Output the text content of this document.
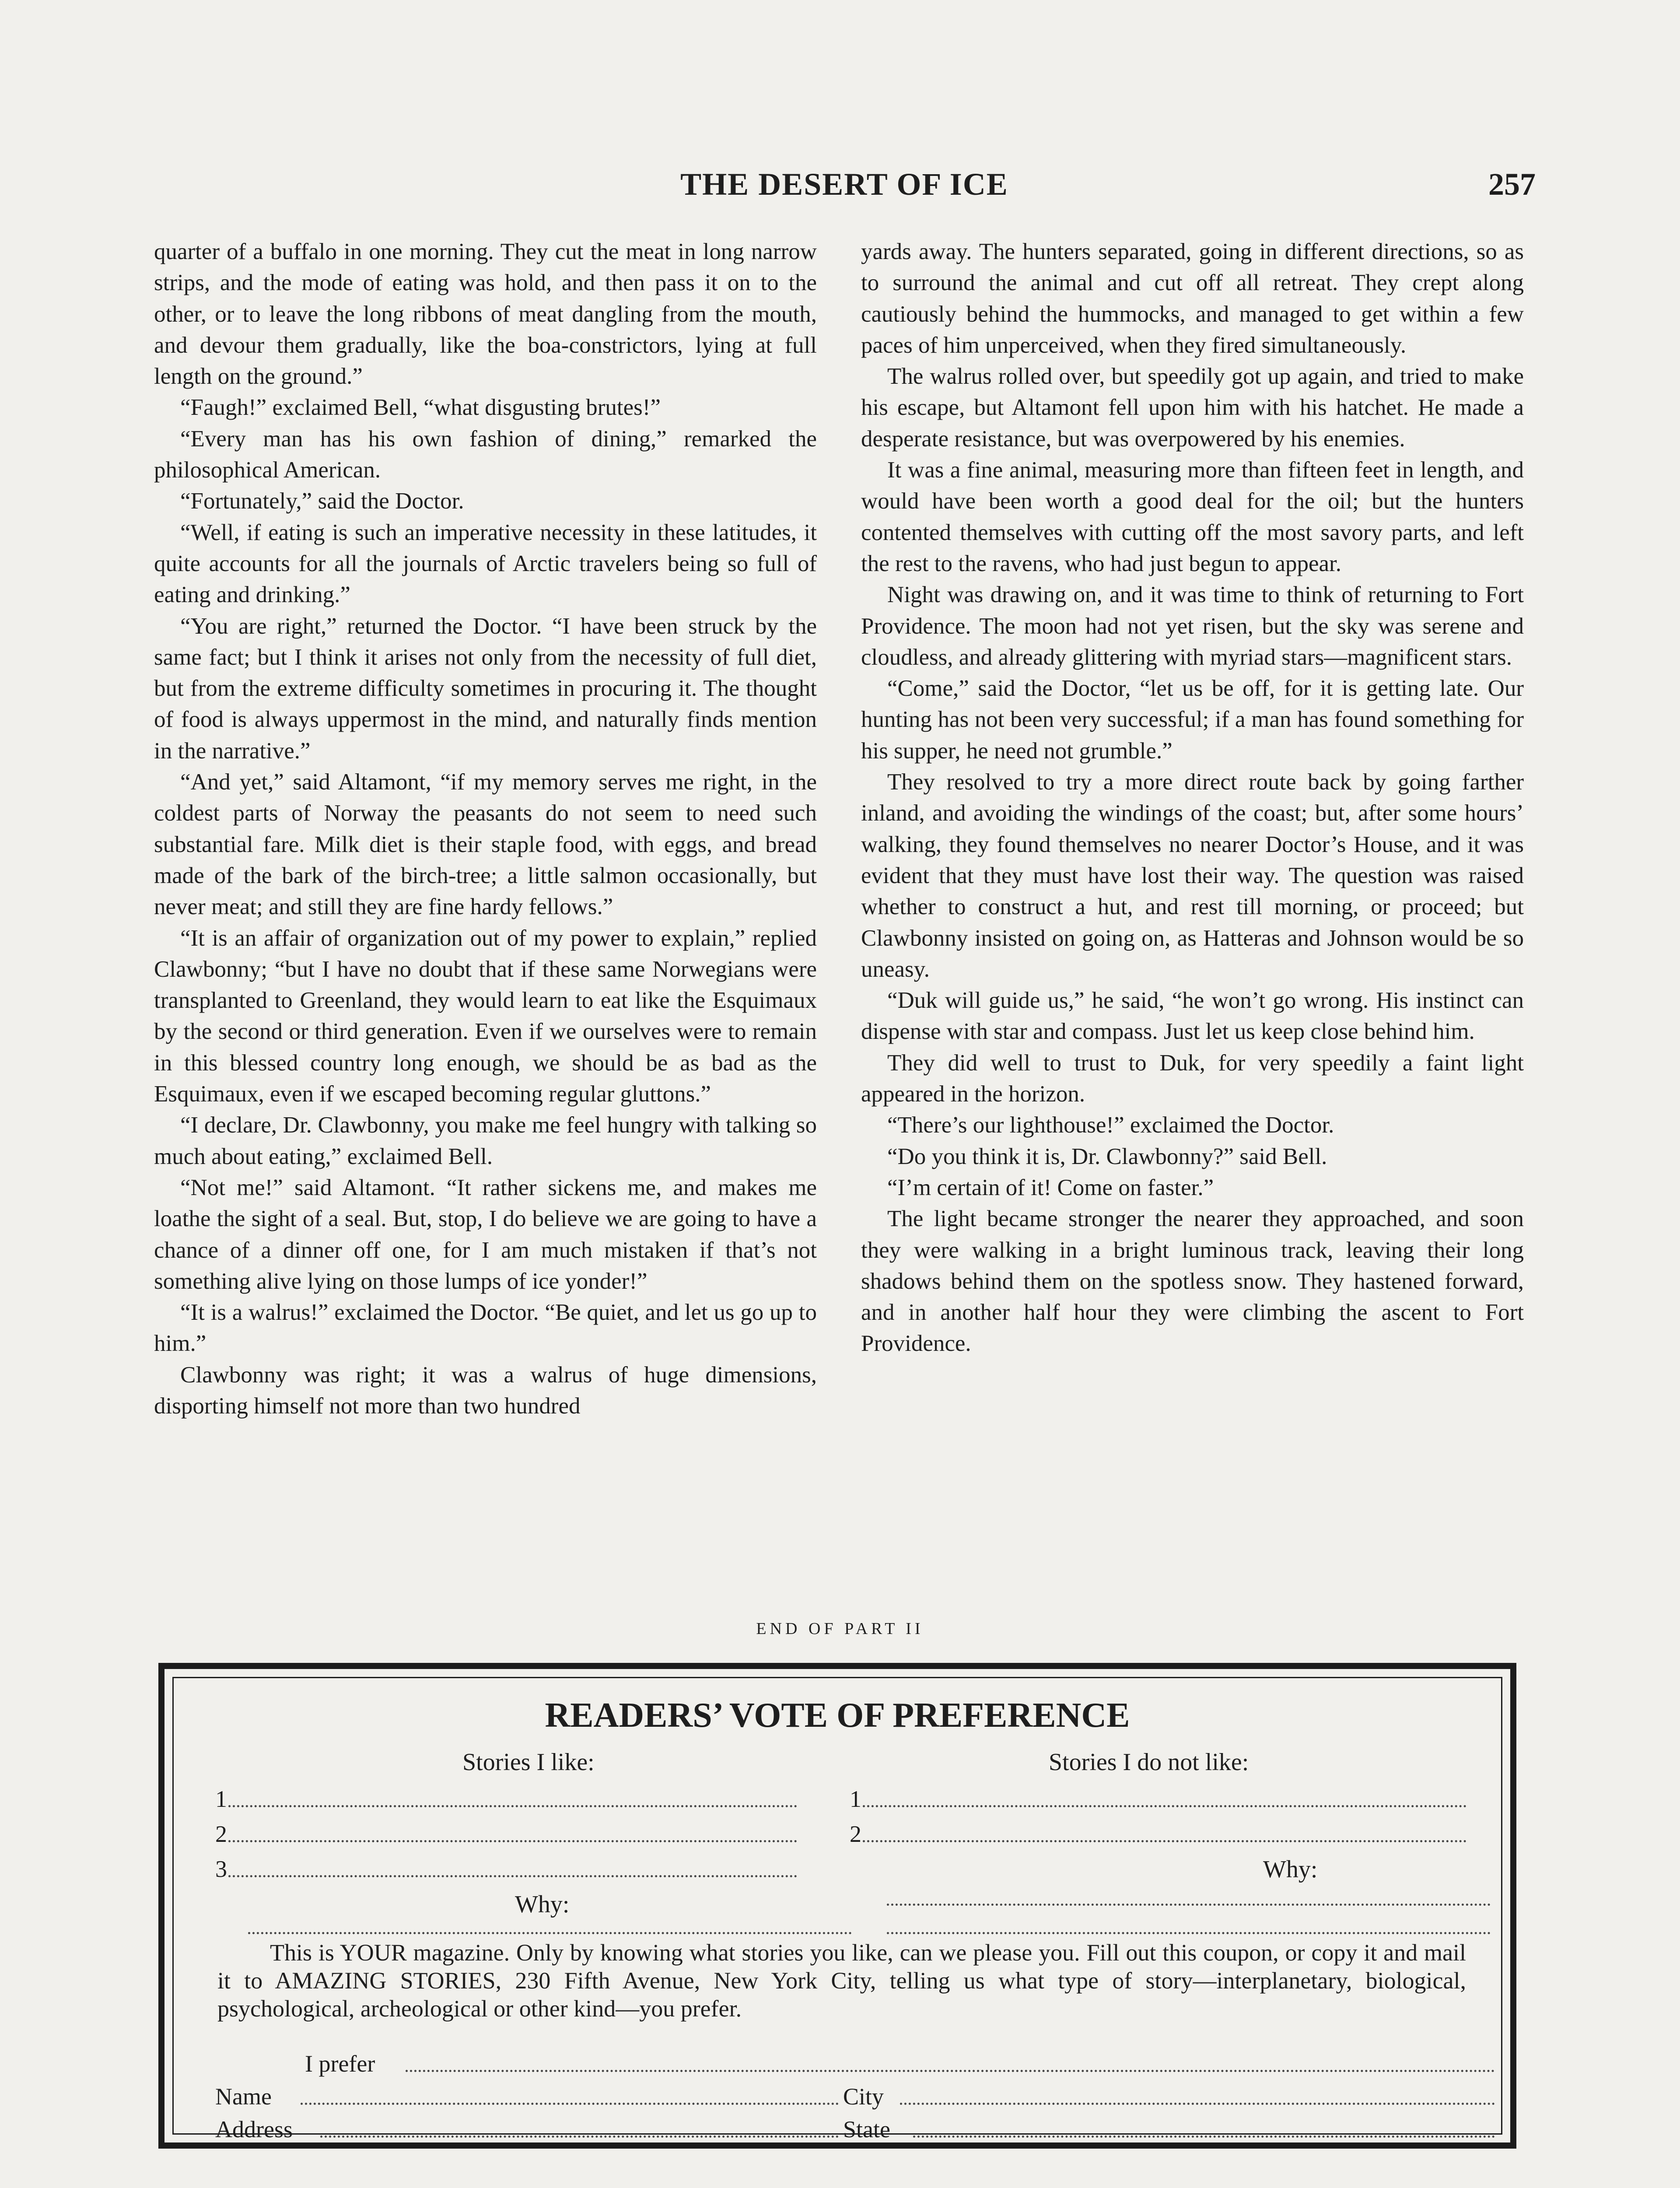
THE DESERT OF ICE	257

quarter of a buffalo in one morning. They cut the meat in long narrow strips, and the mode of eating was hold, and then pass it on to the other, or to leave the long ribbons of meat dangling from the mouth, and devour them gradually, like the boa-constrictors, lying at full length on the ground.”

“Faugh!” exclaimed Bell, “what disgusting brutes!”

“Every man has his own fashion of dining,” remarked the philosophical American.

“Fortunately,” said the Doctor.

“Well, if eating is such an imperative necessity in these latitudes, it quite accounts for all the journals of Arctic travelers being so full of eating and drinking.”

“You are right,” returned the Doctor. “I have been struck by the same fact; but I think it arises not only from the necessity of full diet, but from the extreme difficulty sometimes in procuring it. The thought of food is always uppermost in the mind, and naturally finds mention in the narrative.”

“And yet,” said Altamont, “if my memory serves me right, in the coldest parts of Norway the peasants do not seem to need such substantial fare. Milk diet is their staple food, with eggs, and bread made of the bark of the birch-tree; a little salmon occasionally, but never meat; and still they are fine hardy fellows.”

“It is an affair of organization out of my power to explain,” replied Clawbonny; “but I have no doubt that if these same Norwegians were transplanted to Greenland, they would learn to eat like the Esquimaux by the second or third generation. Even if we ourselves were to remain in this blessed country long enough, we should be as bad as the Esquimaux, even if we escaped becoming regular gluttons.”

“I declare, Dr. Clawbonny, you make me feel hungry with talking so much about eating,” exclaimed Bell.

“Not me!” said Altamont. “It rather sickens me, and makes me loathe the sight of a seal. But, stop, I do believe we are going to have a chance of a dinner off one, for I am much mistaken if that’s not something alive lying on those lumps of ice yonder!”

“It is a walrus!” exclaimed the Doctor. “Be quiet, and let us go up to him.”

Clawbonny was right; it was a walrus of huge dimensions, disporting himself not more than two hundred

yards away. The hunters separated, going in different directions, so as to surround the animal and cut off all retreat. They crept along cautiously behind the hummocks, and managed to get within a few paces of him unperceived, when they fired simultaneously.

The walrus rolled over, but speedily got up again, and tried to make his escape, but Altamont fell upon him with his hatchet. He made a desperate resistance, but was overpowered by his enemies.

It was a fine animal, measuring more than fifteen feet in length, and would have been worth a good deal for the oil; but the hunters contented themselves with cutting off the most savory parts, and left the rest to the ravens, who had just begun to appear.

Night was drawing on, and it was time to think of returning to Fort Providence. The moon had not yet risen, but the sky was serene and cloudless, and already glittering with myriad stars—magnificent stars.

“Come,” said the Doctor, “let us be off, for it is getting late. Our hunting has not been very successful; if a man has found something for his supper, he need not grumble.”

They resolved to try a more direct route back by going farther inland, and avoiding the windings of the coast; but, after some hours’ walking, they found themselves no nearer Doctor’s House, and it was evident that they must have lost their way. The question was raised whether to construct a hut, and rest till morning, or proceed; but Clawbonny insisted on going on, as Hatteras and Johnson would be so uneasy.

“Duk will guide us,” he said, “he won’t go wrong. His instinct can dispense with star and compass. Just let us keep close behind him.

They did well to trust to Duk, for very speedily a faint light appeared in the horizon.

“There’s our lighthouse!” exclaimed the Doctor.

“Do you think it is, Dr. Clawbonny?” said Bell.

“I’m certain of it! Come on faster.”

The light became stronger the nearer they approached, and soon they were walking in a bright luminous track, leaving their long shadows behind them on the spotless snow. They hastened forward, and in another half hour they were climbing the ascent to Fort Providence.

END OF PART II
READERS’ VOTE OF PREFERENCE
Stories I like:	Stories I do not like:
1
2
3
1
2
Why:
Why:
This is YOUR magazine. Only by knowing what stories you like, can we please you. Fill out this coupon, or copy it and mail it to AMAZING STORIES, 230 Fifth Avenue, New York City, telling us what type of story—interplanetary, biological, psychological, archeological or other kind—you prefer.
I prefer
Name	City
Address	State
